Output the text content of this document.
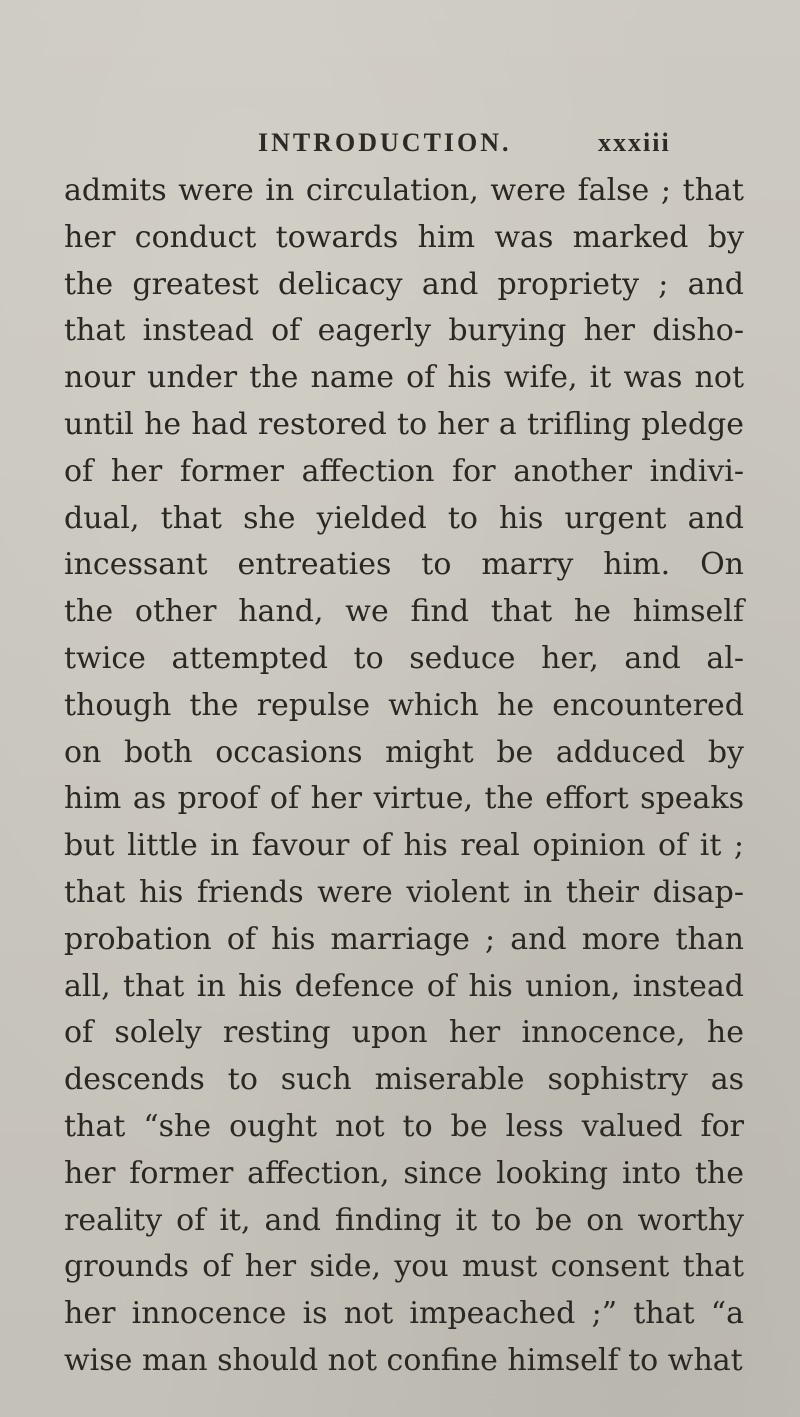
INTRODUCTION.	xxxiii
admits were in circulation, were false ; that
her conduct towards him was marked by
the greatest delicacy and propriety ; and
that instead of eagerly burying her disho-
nour under the name of his wife, it was not
until he had restored to her a trifling pledge
of her former affection for another indivi-
dual, that she yielded to his urgent and
incessant entreaties to marry him. On
the other hand, we find that he himself
twice attempted to seduce her, and al-
though the repulse which he encountered
on both occasions might be adduced by
him as proof of her virtue, the effort speaks
but little in favour of his real opinion of it ;
that his friends were violent in their disap-
probation of his marriage ; and more than
all, that in his defence of his union, instead
of solely resting upon her innocence, he
descends to such miserable sophistry as
that “she ought not to be less valued for
her former affection, since looking into the
reality of it, and finding it to be on worthy
grounds of her side, you must consent that
her innocence is not impeached ;” that “a
wise man should not confine himself to what
